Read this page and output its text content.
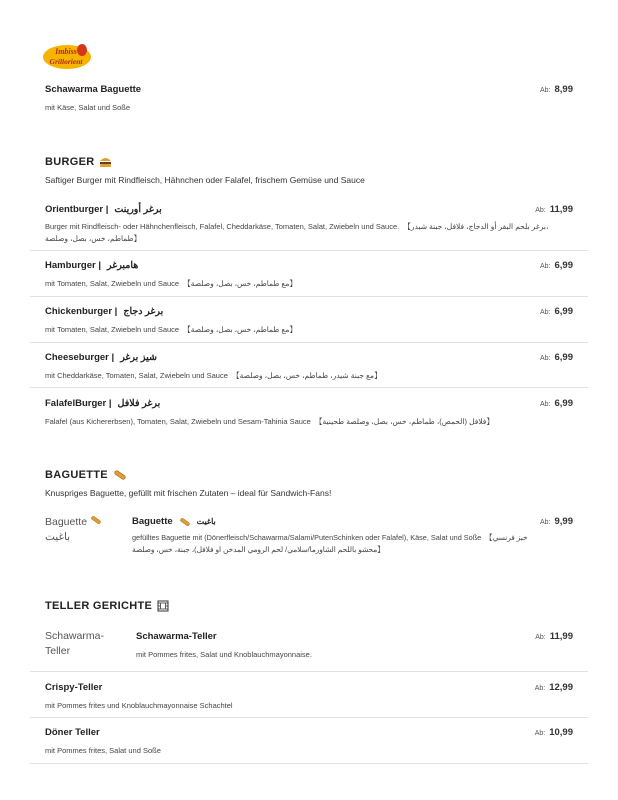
Imbiss
Grillorient
Schawarma Baguette	Ab: 8,99
mit Käse, Salat und Soße
BURGER
Saftiger Burger mit Rindfleisch, Hähnchen oder Falafel, frischem Gemüse und Sauce
Orientburger | برغر أورينت	Ab: 11,99
Burger mit Rindfleisch- oder Hähnchenfleisch, Falafel, Cheddarkäse, Tomaten, Salat, Zwiebeln und Sauce. 【برغر بلحم البقر أو الدجاج، فلافل، جبنة شيدر،
طماطم، خس، بصل، وصلصة】
Hamburger | هامبرغر	Ab: 6,99
mit Tomaten, Salat, Zwiebeln und Sauce 【مع طماطم، خس، بصل، وصلصة】
Chickenburger | برغر دجاج	Ab: 6,99
mit Tomaten, Salat, Zwiebeln und Sauce 【مع طماطم، خس، بصل، وصلصة】
Cheeseburger | شيز برغر	Ab: 6,99
mit Cheddarkäse, Tomaten, Salat, Zwiebeln und Sauce 【مع جبنة شيدر، طماطم، خس، بصل، وصلصة】
FalafelBurger | برغر فلافل	Ab: 6,99
Falafel (aus Kichererbsen), Tomaten, Salat, Zwiebeln und Sesam-Tahinia Sauce 【فلافل (الحمص)، طماطم، خس، بصل، وصلصة طحينية】
BAGUETTE
Knuspriges Baguette, gefüllt mit frischen Zutaten – ideal für Sandwich-Fans!
Baguette
باغيت
Baguette	باغيت	Ab: 9,99
gefülltes Baguette mit (Dönerfleisch/Schawarma/Salami/PutenSchinken oder Falafel), Käse, Salat und Soße 【خبز فرنسي
محشو باللحم الشاورما/سلامي/ لحم الرومي المدخن او فلافل)، جبنة، خس، وصلصة】
TELLER GERICHTE
Schawarma-
Teller
Schawarma-Teller	Ab: 11,99
mit Pommes frites, Salat und Knoblauchmayonnaise.
Crispy-Teller	Ab: 12,99
mit Pommes frites und Knoblauchmayonnaise Schachtel
Döner Teller	Ab: 10,99
mit Pommes frites, Salat und Soße
